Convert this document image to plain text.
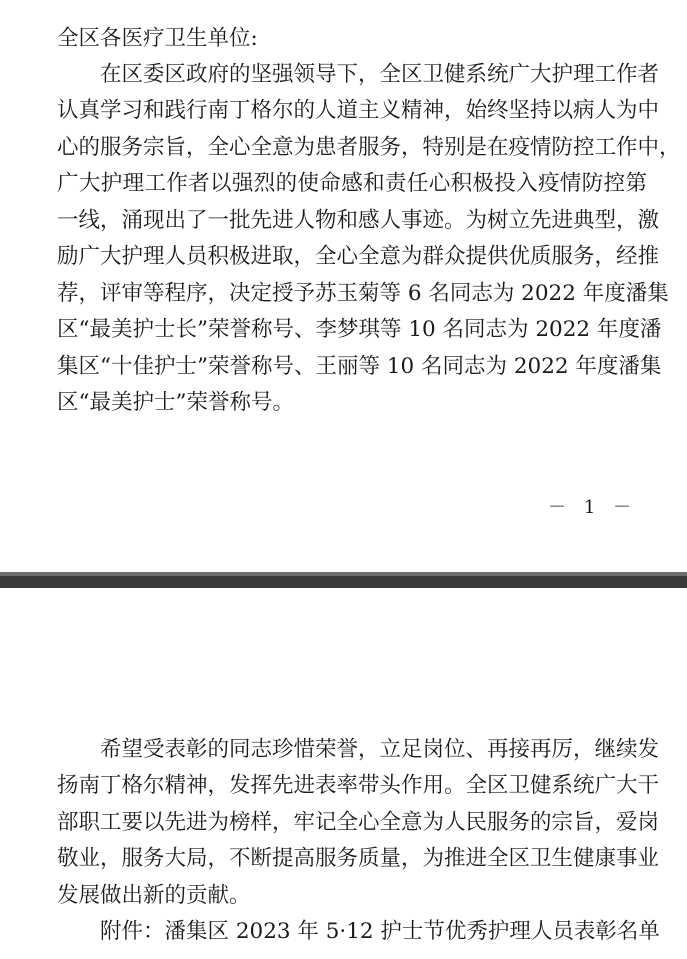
全区各医疗卫生单位:
在区委区政府的坚强领导下，全区卫健系统广大护理工作者
认真学习和践行南丁格尔的人道主义精神，始终坚持以病人为中
心的服务宗旨，全心全意为患者服务，特别是在疫情防控工作中，
广大护理工作者以强烈的使命感和责任心积极投入疫情防控第
一线，涌现出了一批先进人物和感人事迹。为树立先进典型，激
励广大护理人员积极进取，全心全意为群众提供优质服务，经推
荐，评审等程序，决定授予苏玉菊等 6 名同志为 2022 年度潘集
区“最美护士长”荣誉称号、李梦琪等 10 名同志为 2022 年度潘
集区“十佳护士”荣誉称号、王丽等 10 名同志为 2022 年度潘集
区“最美护士”荣誉称号。
－ 1 －
希望受表彰的同志珍惜荣誉，立足岗位、再接再厉，继续发
扬南丁格尔精神，发挥先进表率带头作用。全区卫健系统广大干
部职工要以先进为榜样，牢记全心全意为人民服务的宗旨，爱岗
敬业，服务大局，不断提高服务质量，为推进全区卫生健康事业
发展做出新的贡献。
附件：潘集区 2023 年 5·12 护士节优秀护理人员表彰名单
